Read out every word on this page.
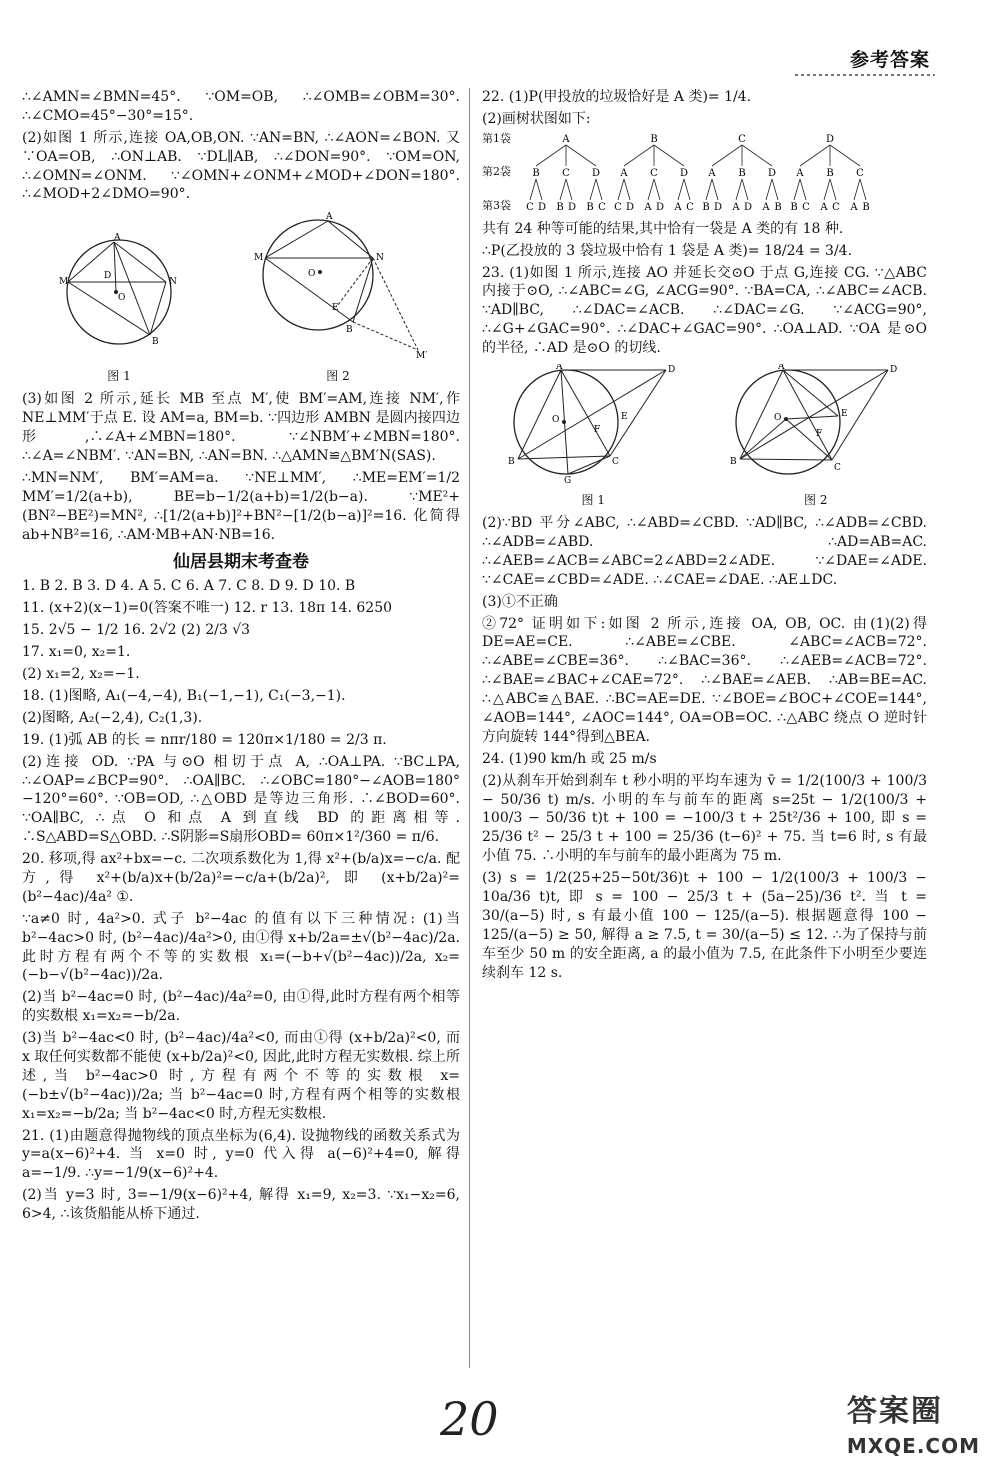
参考答案

∴∠AMN=∠BMN=45°. ∵OM=OB, ∴∠OMB=∠OBM=30°. ∴∠CMO=45°−30°=15°.

(2)如图 1 所示,连接 OA,OB,ON. ∵AN=BN, ∴∠AON=∠BON. 又∵OA=OB, ∴ON⊥AB. ∵DL∥AB, ∴∠DON=90°. ∵OM=ON, ∴∠OMN=∠ONM. ∵∠OMN+∠ONM+∠MOD+∠DON=180°. ∴∠MOD+2∠DMO=90°.

A
M	N
B
D
O
图 1
A
M	N
B
E
O
M′
图 2

(3)如图 2 所示,延长 MB 至点 M′,使 BM′=AM,连接 NM′,作 NE⊥MM′于点 E. 设 AM=a, BM=b. ∵四边形 AMBN 是圆内接四边形,∴∠A+∠MBN=180°. ∵∠NBM′+∠MBN=180°. ∴∠A=∠NBM′. ∵AN=BN, ∴AN=BN. ∴△AMN≌△BM′N(SAS).

∴MN=NM′, BM′=AM=a. ∵NE⊥MM′, ∴ME=EM′=1/2 MM′=1/2(a+b), BE=b−1/2(a+b)=1/2(b−a). ∵ME²+(BN²−BE²)=MN², ∴[1/2(a+b)]²+BN²−[1/2(b−a)]²=16. 化简得 ab+NB²=16, ∴AM·MB+AN·NB=16.

仙居县期末考查卷

1. B 2. B 3. D 4. A 5. C 6. A 7. C 8. D 9. D 10. B

11. (x+2)(x−1)=0(答案不唯一) 12. r 13. 18π 14. 6250

15. 2√5 − 1/2 16. 2√2 (2) 2/3 √3

17. x₁=0, x₂=1.

(2) x₁=2, x₂=−1.

18. (1)图略, A₁(−4,−4), B₁(−1,−1), C₁(−3,−1).

(2)图略, A₂(−2,4), C₂(1,3).

19. (1)弧 AB 的长 = nπr/180 = 120π×1/180 = 2/3 π.

(2)连接 OD. ∵PA 与⊙O 相切于点 A, ∴OA⊥PA. ∵BC⊥PA, ∴∠OAP=∠BCP=90°. ∴OA∥BC. ∴∠OBC=180°−∠AOB=180°−120°=60°. ∵OB=OD, ∴△OBD 是等边三角形. ∴∠BOD=60°. ∵OA∥BC, ∴点 O 和点 A 到直线 BD 的距离相等. ∴S△ABD=S△OBD. ∴S阴影=S扇形OBD= 60π×1²/360 = π/6.

20. 移项,得 ax²+bx=−c. 二次项系数化为 1,得 x²+(b/a)x=−c/a. 配方,得 x²+(b/a)x+(b/2a)²=−c/a+(b/2a)², 即 (x+b/2a)²=(b²−4ac)/4a² ①.

∵a≠0 时, 4a²>0. 式子 b²−4ac 的值有以下三种情况: (1)当 b²−4ac>0 时, (b²−4ac)/4a²>0, 由①得 x+b/2a=±√(b²−4ac)/2a. 此时方程有两个不等的实数根 x₁=(−b+√(b²−4ac))/2a, x₂=(−b−√(b²−4ac))/2a.

(2)当 b²−4ac=0 时, (b²−4ac)/4a²=0, 由①得,此时方程有两个相等的实数根 x₁=x₂=−b/2a.

(3)当 b²−4ac<0 时, (b²−4ac)/4a²<0, 而由①得 (x+b/2a)²<0, 而 x 取任何实数都不能使 (x+b/2a)²<0, 因此,此时方程无实数根. 综上所述,当 b²−4ac>0 时,方程有两个不等的实数根 x=(−b±√(b²−4ac))/2a; 当 b²−4ac=0 时,方程有两个相等的实数根 x₁=x₂=−b/2a; 当 b²−4ac<0 时,方程无实数根.

21. (1)由题意得抛物线的顶点坐标为(6,4). 设抛物线的函数关系式为 y=a(x−6)²+4. 当 x=0 时, y=0 代入得 a(−6)²+4=0, 解得 a=−1/9. ∴y=−1/9(x−6)²+4.

(2)当 y=3 时, 3=−1/9(x−6)²+4, 解得 x₁=9, x₂=3. ∵x₁−x₂=6, 6>4, ∴该货船能从桥下通过.

22. (1)P(甲投放的垃圾恰好是 A 类)= 1/4.

(2)画树状图如下:

第1袋
第2袋
第3袋
A
B
C D
C
B D
D
B C
B
A
C D
C
A D
D
A C
C
A
B D
B
A D
D
A B
D
A
B C
B
A C
C
A B

共有 24 种等可能的结果,其中恰有一袋是 A 类的有 18 种.

∴P(乙投放的 3 袋垃圾中恰有 1 袋是 A 类)= 18/24 = 3/4.

23. (1)如图 1 所示,连接 AO 并延长交⊙O 于点 G,连接 CG. ∵△ABC 内接于⊙O, ∴∠ABC=∠G, ∠ACG=90°. ∵BA=CA, ∴∠ABC=∠ACB. ∵AD∥BC, ∴∠DAC=∠ACB. ∴∠DAC=∠G. ∵∠ACG=90°, ∴∠G+∠GAC=90°. ∴∠DAC+∠GAC=90°. ∴OA⊥AD. ∵OA 是⊙O 的半径, ∴AD 是⊙O 的切线.

A	D
B	C
G
O	E
F
图 1
A	D
B
C
O	E
F
图 2

(2)∵BD 平分∠ABC, ∴∠ABD=∠CBD. ∵AD∥BC, ∴∠ADB=∠CBD. ∴∠ADB=∠ABD. ∴AD=AB=AC. ∴∠AEB=∠ACB=∠ABC=2∠ABD=2∠ADE. ∵∠DAE=∠ADE. ∵∠CAE=∠CBD=∠ADE. ∴∠CAE=∠DAE. ∴AE⊥DC.

(3)①不正确

②72° 证明如下:如图 2 所示,连接 OA, OB, OC. 由(1)(2)得 DE=AE=CE. ∴∠ABE=∠CBE. ∠ABC=∠ACB=72°. ∴∠ABE=∠CBE=36°. ∴∠BAC=36°. ∴∠AEB=∠ACB=72°. ∴∠BAE=∠BAC+∠CAE=72°. ∴∠BAE=∠AEB. ∴AB=BE=AC. ∴△ABC≌△BAE. ∴BC=AE=DE. ∵∠BOE=∠BOC+∠COE=144°, ∠AOB=144°, ∠AOC=144°, OA=OB=OC. ∴△ABC 绕点 O 逆时针方向旋转 144°得到△BEA.

24. (1)90 km/h 或 25 m/s

(2)从刹车开始到刹车 t 秒小明的平均车速为 v̄ = 1/2(100/3 + 100/3 − 50/36 t) m/s. 小明的车与前车的距离 s=25t − 1/2(100/3 + 100/3 − 50/36 t)t + 100 = −100/3 t + 25t²/36 + 100, 即 s = 25/36 t² − 25/3 t + 100 = 25/36 (t−6)² + 75. 当 t=6 时, s 有最小值 75. ∴小明的车与前车的最小距离为 75 m.

(3) s = 1/2(25+25−50t/36)t + 100 − 1/2(100/3 + 100/3 − 10a/36 t)t, 即 s = 100 − 25/3 t + (5a−25)/36 t². 当 t = 30/(a−5) 时, s 有最小值 100 − 125/(a−5). 根据题意得 100 − 125/(a−5) ≥ 50, 解得 a ≥ 7.5, t = 30/(a−5) ≤ 12. ∴为了保持与前车至少 50 m 的安全距离, a 的最小值为 7.5, 在此条件下小明至少要连续刹车 12 s.

20	答案圈
MXQE.COM
